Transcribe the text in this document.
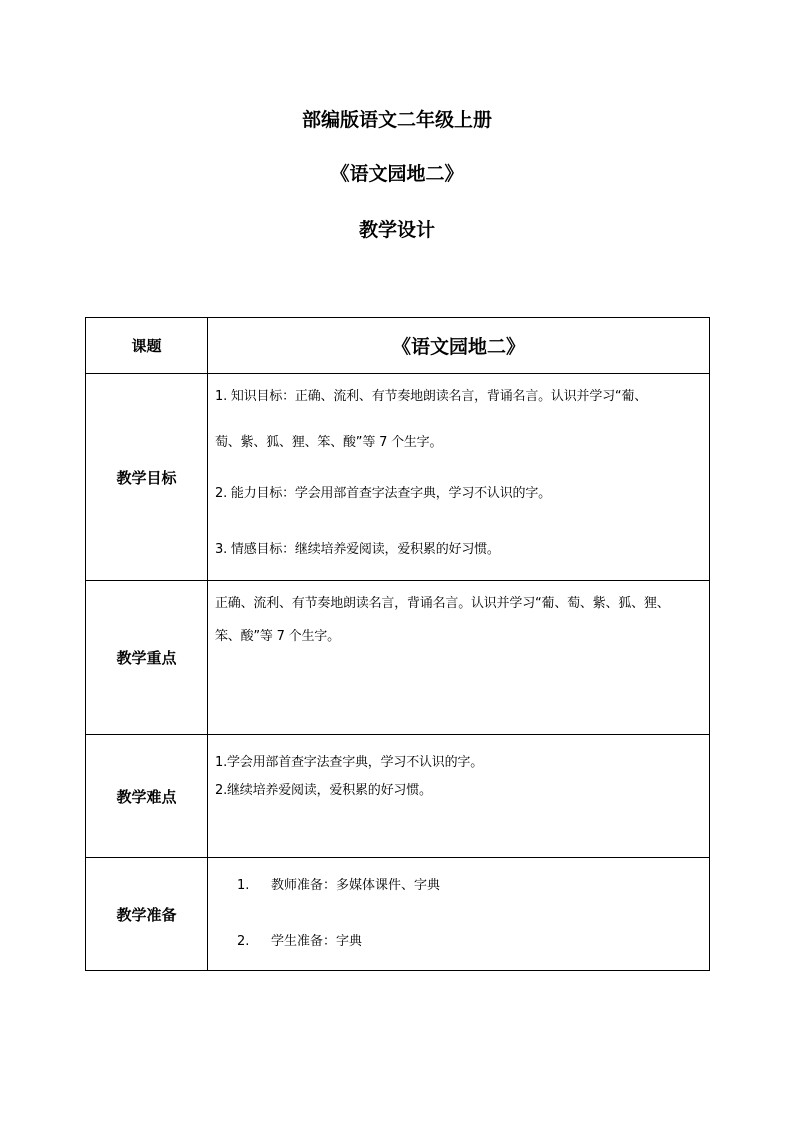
部编版语文二年级上册
《语文园地二》
教学设计
课题	《语文园地二》
教学目标	1. 知识目标：正确、流利、有节奏地朗读名言，背诵名言。认识并学习“葡、

萄、紫、狐、狸、笨、酸”等 7 个生字。

2. 能力目标：学会用部首查字法查字典，学习不认识的字。

3. 情感目标：继续培养爱阅读，爱积累的好习惯。

教学重点	正确、流利、有节奏地朗读名言，背诵名言。认识并学习“葡、萄、紫、狐、狸、

笨、酸”等 7 个生字。

教学难点	1.学会用部首查字法查字典，学习不认识的字。

2.继续培养爱阅读，爱积累的好习惯。

教学准备	1. 教师准备：多媒体课件、字典

2. 学生准备：字典
